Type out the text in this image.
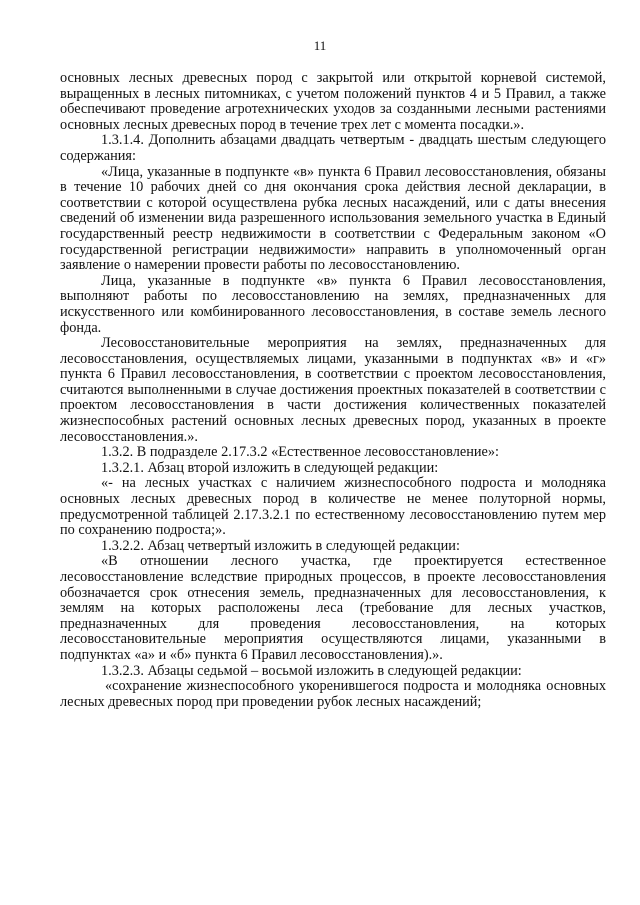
11

основных лесных древесных пород с закрытой или открытой корневой системой, выращенных в лесных питомниках, с учетом положений пунктов 4 и 5 Правил, а также обеспечивают проведение агротехнических уходов за созданными лесными растениями основных лесных древесных пород в течение трех лет с момента посадки.».

1.3.1.4. Дополнить абзацами двадцать четвертым - двадцать шестым следующего содержания:

«Лица, указанные в подпункте «в» пункта 6 Правил лесовосстановления, обязаны в течение 10 рабочих дней со дня окончания срока действия лесной декларации, в соответствии с которой осуществлена рубка лесных насаждений, или с даты внесения сведений об изменении вида разрешенного использования земельного участка в Единый государственный реестр недвижимости в соответствии с Федеральным законом «О государственной регистрации недвижимости» направить в уполномоченный орган заявление о намерении провести работы по лесовосстановлению.

Лица, указанные в подпункте «в» пункта 6 Правил лесовосстановления, выполняют работы по лесовосстановлению на землях, предназначенных для искусственного или комбинированного лесовосстановления, в составе земель лесного фонда.

Лесовосстановительные мероприятия на землях, предназначенных для лесовосстановления, осуществляемых лицами, указанными в подпунктах «в» и «г» пункта 6 Правил лесовосстановления, в соответствии с проектом лесовосстановления, считаются выполненными в случае достижения проектных показателей в соответствии с проектом лесовосстановления в части достижения количественных показателей жизнеспособных растений основных лесных древесных пород, указанных в проекте лесовосстановления.».

1.3.2. В подразделе 2.17.3.2 «Естественное лесовосстановление»:

1.3.2.1. Абзац второй изложить в следующей редакции:

«- на лесных участках с наличием жизнеспособного подроста и молодняка основных лесных древесных пород в количестве не менее полуторной нормы, предусмотренной таблицей 2.17.3.2.1 по естественному лесовосстановлению путем мер по сохранению подроста;».

1.3.2.2. Абзац четвертый изложить в следующей редакции:

«В отношении лесного участка, где проектируется естественное лесовосстановление вследствие природных процессов, в проекте лесовосстановления обозначается срок отнесения земель, предназначенных для лесовосстановления, к землям на которых расположены леса (требование для лесных участков, предназначенных для проведения лесовосстановления, на которых лесовосстановительные мероприятия осуществляются лицами, указанными в подпунктах «а» и «б» пункта 6 Правил лесовосстановления).».

1.3.2.3. Абзацы седьмой – восьмой изложить в следующей редакции:

«сохранение жизнеспособного укоренившегося подроста и молодняка основных лесных древесных пород при проведении рубок лесных насаждений;
